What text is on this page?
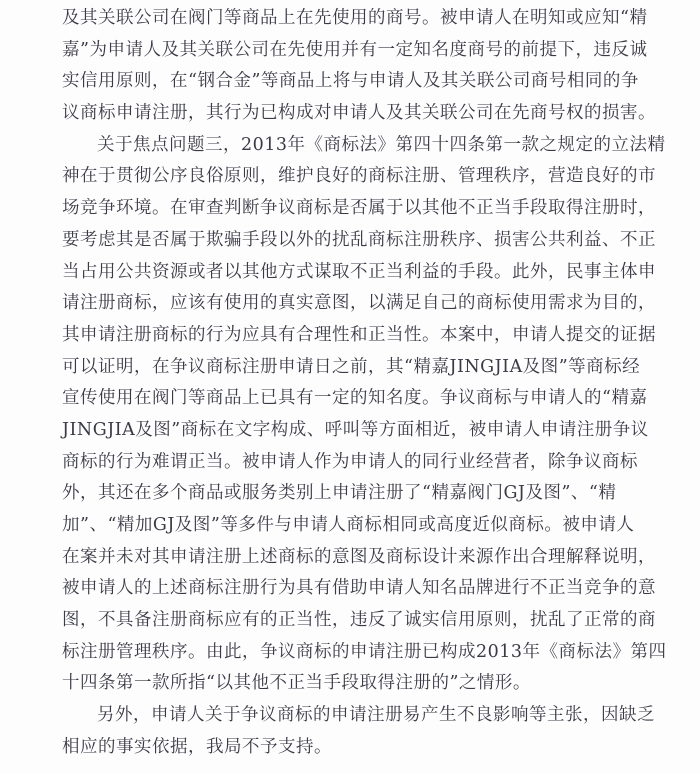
及其关联公司在阀门等商品上在先使用的商号。被申请人在明知或应知“精
嘉”为申请人及其关联公司在先使用并有一定知名度商号的前提下，违反诚
实信用原则，在“钢合金”等商品上将与申请人及其关联公司商号相同的争
议商标申请注册，其行为已构成对申请人及其关联公司在先商号权的损害。
关于焦点问题三，2013年《商标法》第四十四条第一款之规定的立法精
神在于贯彻公序良俗原则，维护良好的商标注册、管理秩序，营造良好的市
场竞争环境。在审查判断争议商标是否属于以其他不正当手段取得注册时，
要考虑其是否属于欺骗手段以外的扰乱商标注册秩序、损害公共利益、不正
当占用公共资源或者以其他方式谋取不正当利益的手段。此外，民事主体申
请注册商标，应该有使用的真实意图，以满足自己的商标使用需求为目的，
其申请注册商标的行为应具有合理性和正当性。本案中，申请人提交的证据
可以证明，在争议商标注册申请日之前，其“精嘉JINGJIA及图”等商标经
宣传使用在阀门等商品上已具有一定的知名度。争议商标与申请人的“精嘉
JINGJIA及图”商标在文字构成、呼叫等方面相近，被申请人申请注册争议
商标的行为难谓正当。被申请人作为申请人的同行业经营者，除争议商标
外，其还在多个商品或服务类别上申请注册了“精嘉阀门GJ及图”、“精
加”、“精加GJ及图”等多件与申请人商标相同或高度近似商标。被申请人
在案并未对其申请注册上述商标的意图及商标设计来源作出合理解释说明，
被申请人的上述商标注册行为具有借助申请人知名品牌进行不正当竞争的意
图，不具备注册商标应有的正当性，违反了诚实信用原则，扰乱了正常的商
标注册管理秩序。由此，争议商标的申请注册已构成2013年《商标法》第四
十四条第一款所指“以其他不正当手段取得注册的”之情形。
另外，申请人关于争议商标的申请注册易产生不良影响等主张，因缺乏
相应的事实依据，我局不予支持。
